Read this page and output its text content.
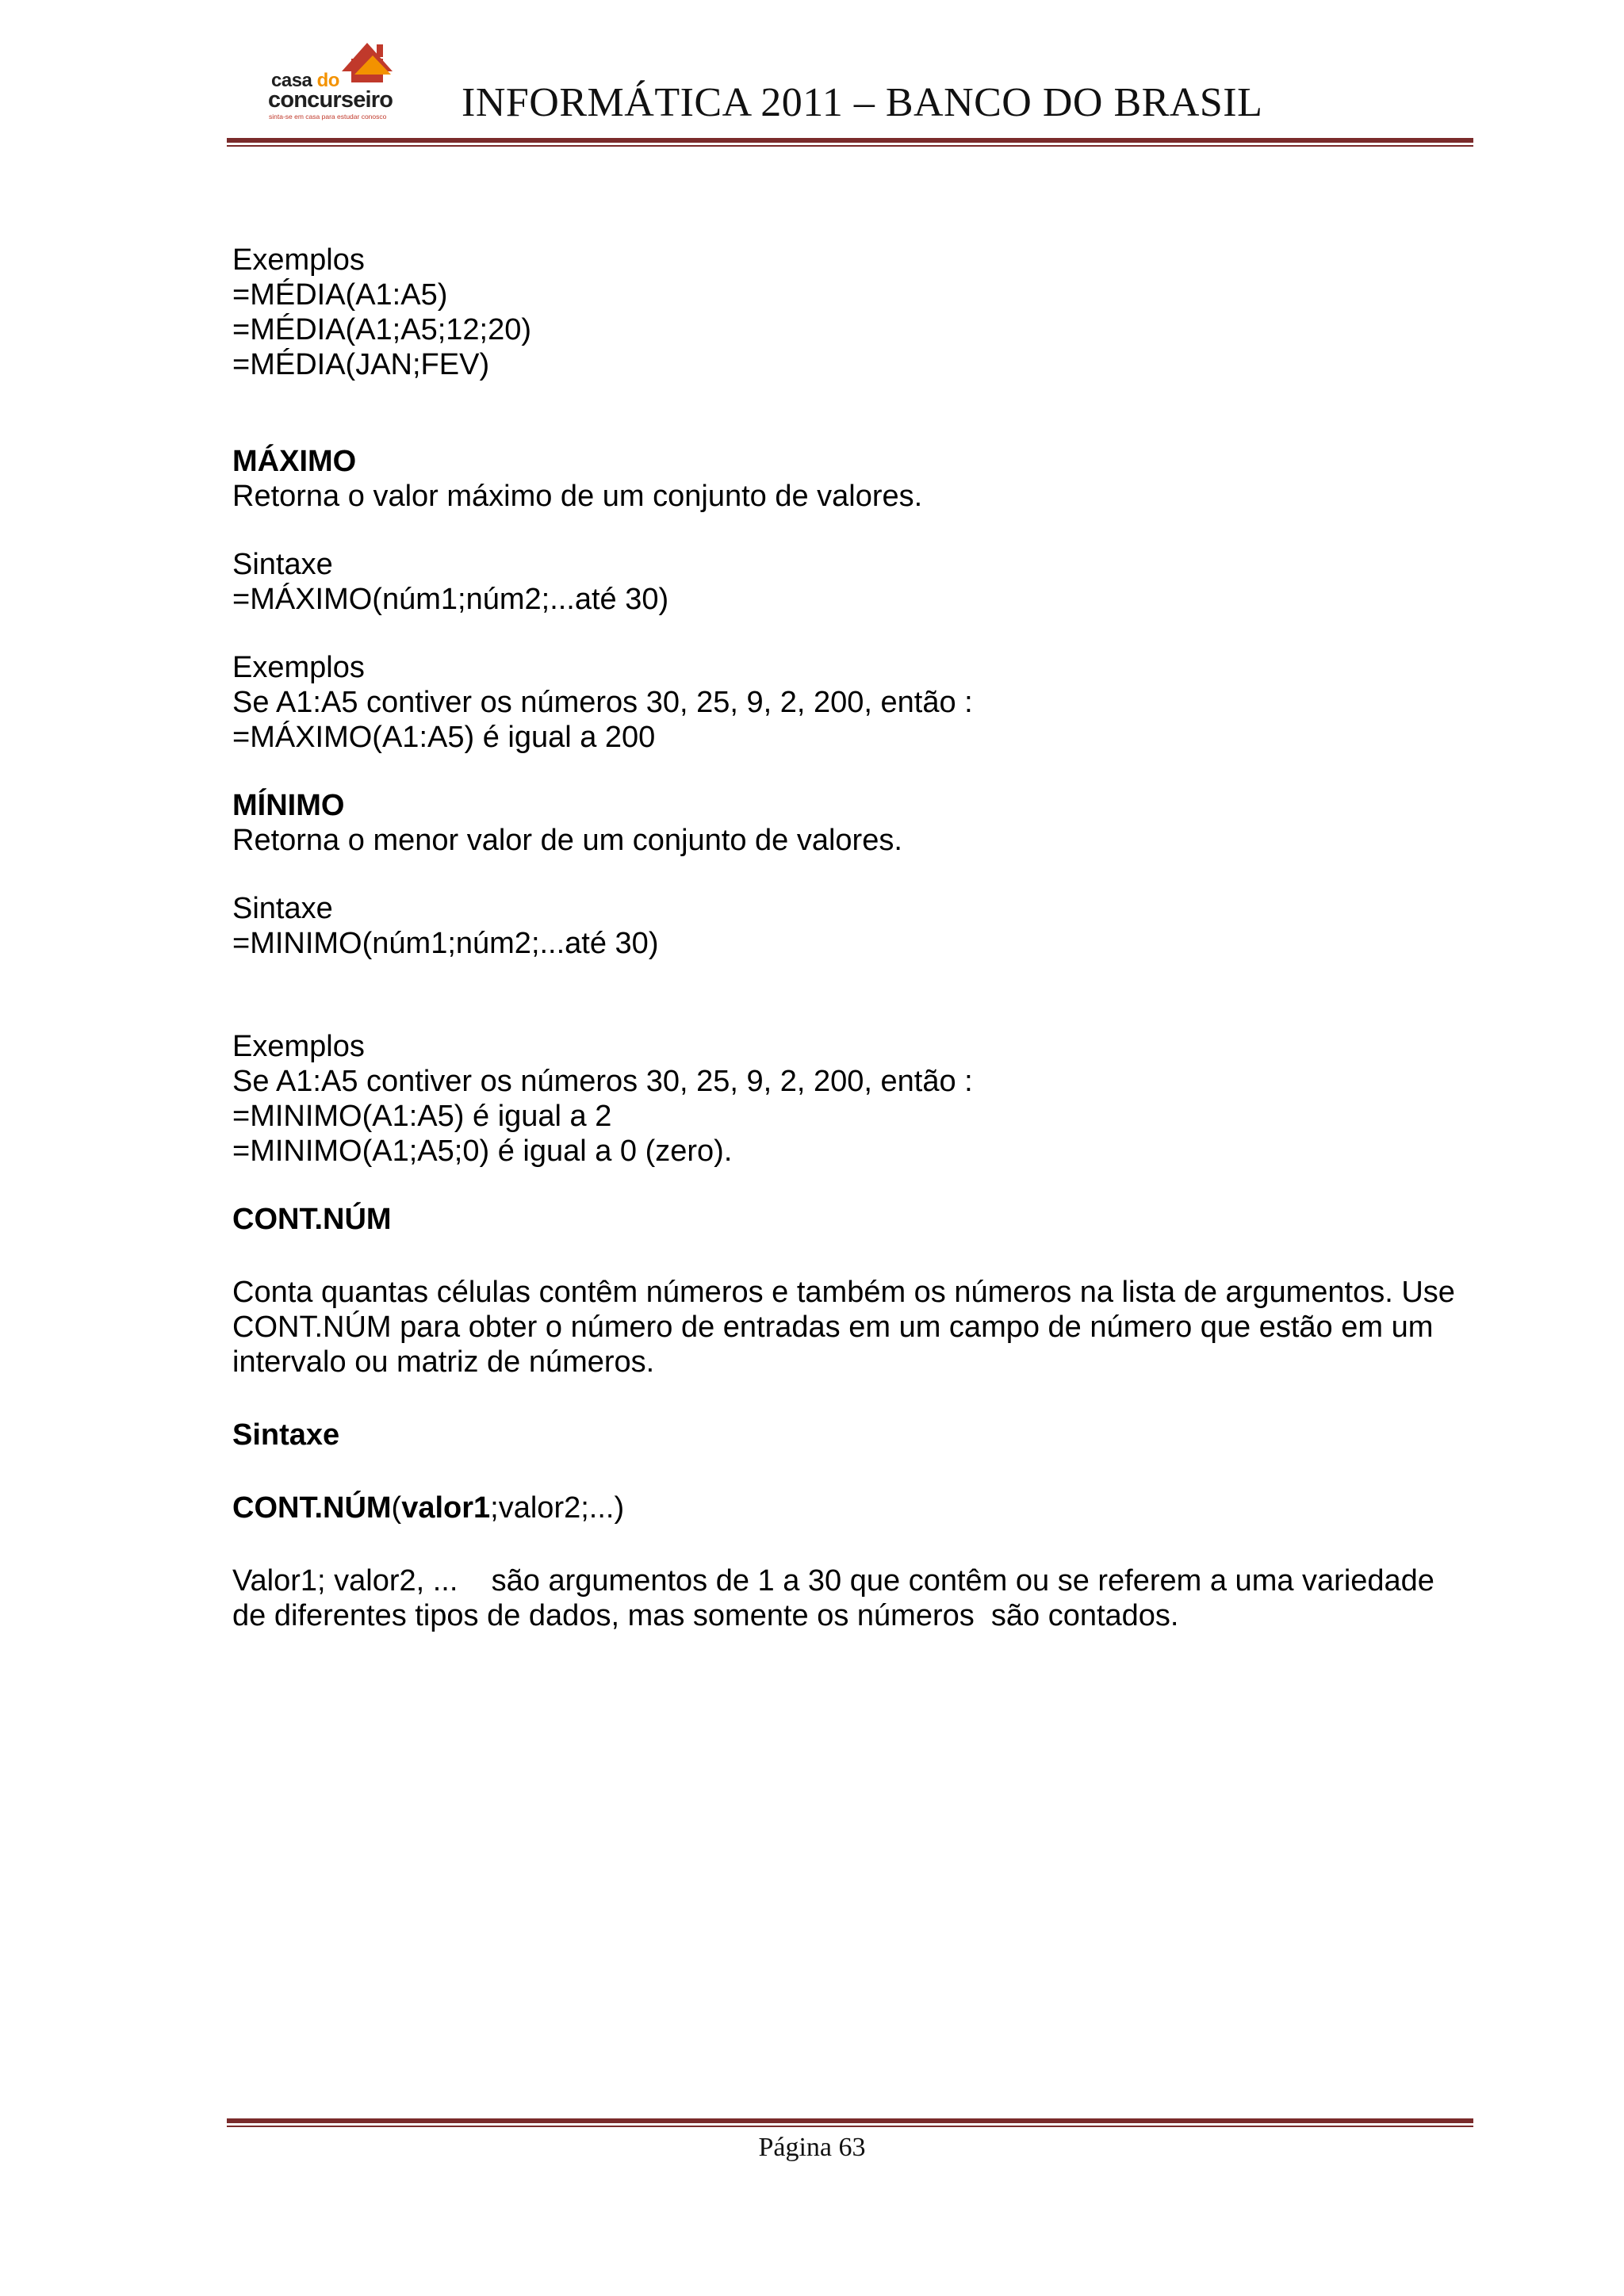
casa do
concurseiro
sinta-se em casa para estudar conosco	INFORMÁTICA 2011 – BANCO DO BRASIL
Exemplos
=MÉDIA(A1:A5)
=MÉDIA(A1;A5;12;20)
=MÉDIA(JAN;FEV)
MÁXIMO
Retorna o valor máximo de um conjunto de valores.
Sintaxe
=MÁXIMO(núm1;núm2;...até 30)
Exemplos
Se A1:A5 contiver os números 30, 25, 9, 2, 200, então :
=MÁXIMO(A1:A5) é igual a 200
MÍNIMO
Retorna o menor valor de um conjunto de valores.
Sintaxe
=MINIMO(núm1;núm2;...até 30)
Exemplos
Se A1:A5 contiver os números 30, 25, 9, 2, 200, então :
=MINIMO(A1:A5) é igual a 2
=MINIMO(A1;A5;0) é igual a 0 (zero).
CONT.NÚM
Conta quantas células contêm números e também os números na lista de argumentos. Use
CONT.NÚM para obter o número de entradas em um campo de número que estão em um
intervalo ou matriz de números.
Sintaxe
CONT.NÚM(valor1;valor2;...)
Valor1; valor2, ...    são argumentos de 1 a 30 que contêm ou se referem a uma variedade
de diferentes tipos de dados, mas somente os números  são contados.
Página 63
